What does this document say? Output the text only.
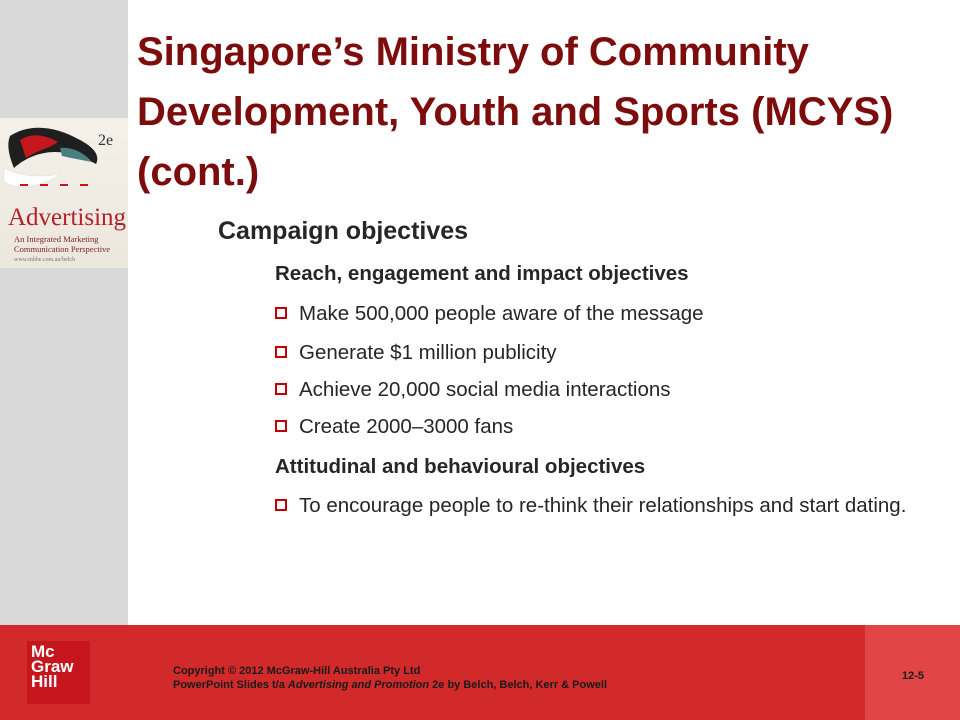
2e
Advertising
An Integrated Marketing Communication Perspective
www.mhhe.com.au/belch
Singapore’s Ministry of Community Development, Youth and Sports (MCYS) (cont.)
Campaign objectives
Reach, engagement and impact objectives
Make 500,000 people aware of the message
Generate $1 million publicity
Achieve 20,000 social media interactions
Create 2000–3000 fans
Attitudinal and behavioural objectives
To encourage people to re-think their relationships and start dating.
Mc
Graw
Hill
Copyright © 2012 McGraw-Hill Australia Pty Ltd
PowerPoint Slides t/a Advertising and Promotion 2e by Belch, Belch, Kerr & Powell
12-5
